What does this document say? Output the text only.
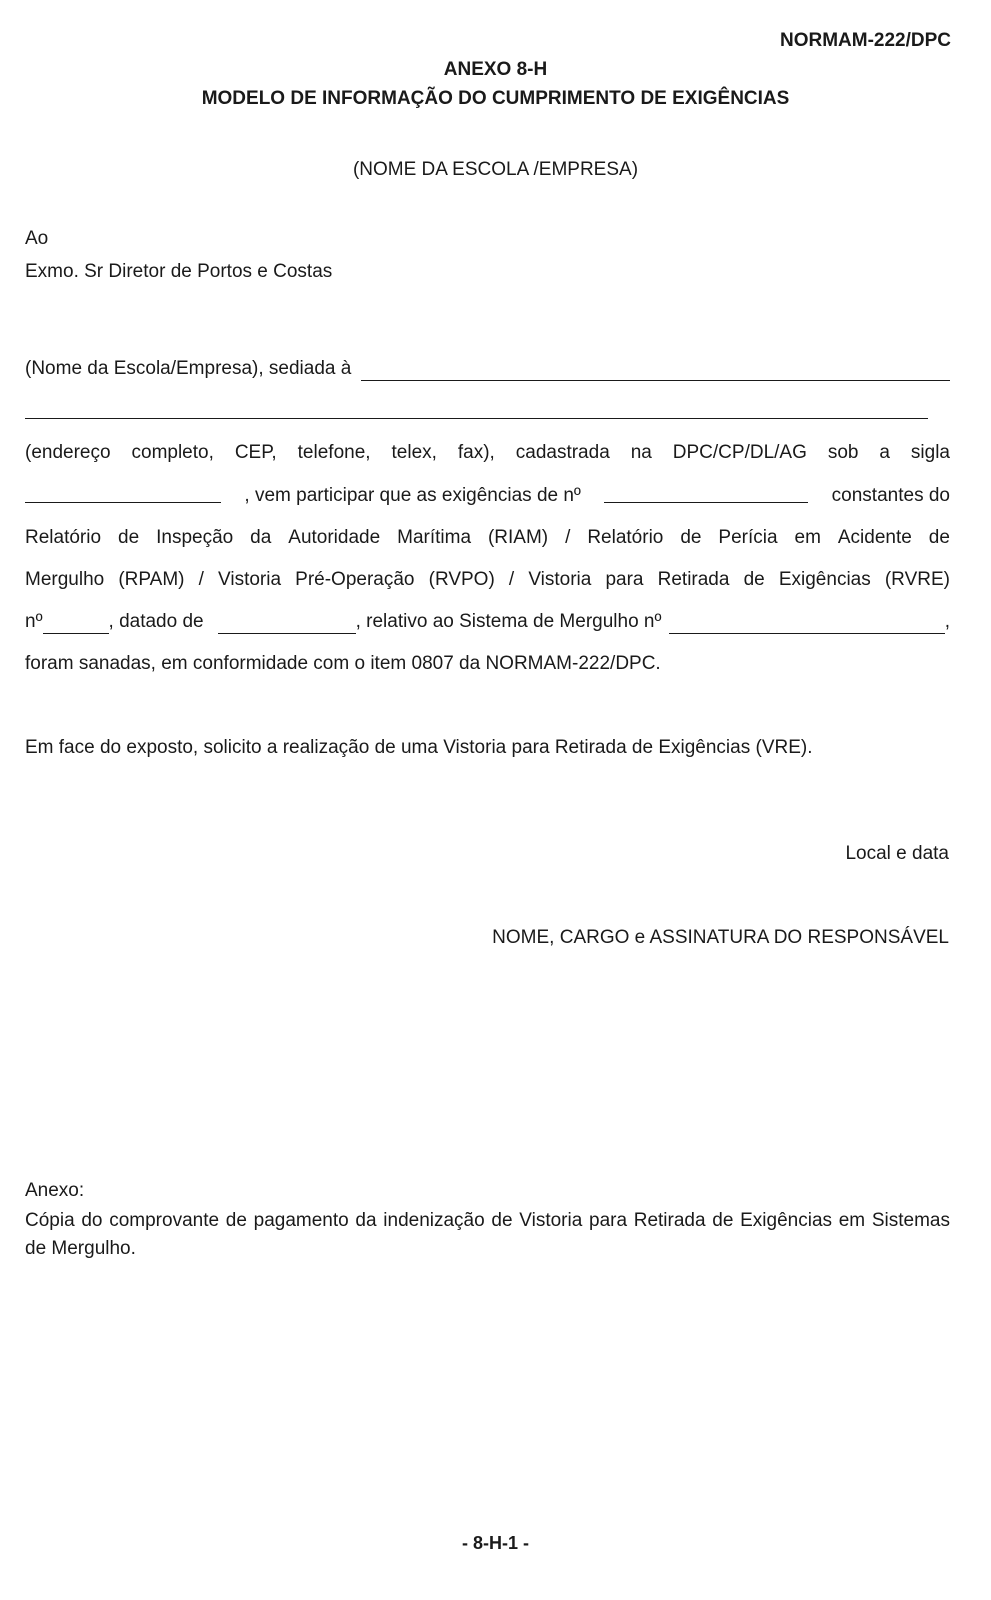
NORMAM-222/DPC
ANEXO 8-H
MODELO DE INFORMAÇÃO DO CUMPRIMENTO DE EXIGÊNCIAS
(NOME DA ESCOLA /EMPRESA)
Ao
Exmo. Sr Diretor de Portos e Costas
(Nome da Escola/Empresa), sediada à
(endereço completo, CEP, telefone, telex, fax), cadastrada na DPC/CP/DL/AG sob a sigla
, vem participar que as exigências de nº	constantes do
Relatório de Inspeção da Autoridade Marítima (RIAM) / Relatório de Perícia em Acidente de
Mergulho (RPAM) / Vistoria Pré-Operação (RVPO) / Vistoria para Retirada de Exigências (RVRE)
nº	, datado de	, relativo ao Sistema de Mergulho nº	,
foram sanadas, em conformidade com o item 0807 da NORMAM-222/DPC.
Em face do exposto, solicito a realização de uma Vistoria para Retirada de Exigências (VRE).
Local e data
NOME, CARGO e ASSINATURA DO RESPONSÁVEL
Anexo:
Cópia do comprovante de pagamento da indenização de Vistoria para Retirada de Exigências em Sistemas de Mergulho.
- 8-H-1 -
